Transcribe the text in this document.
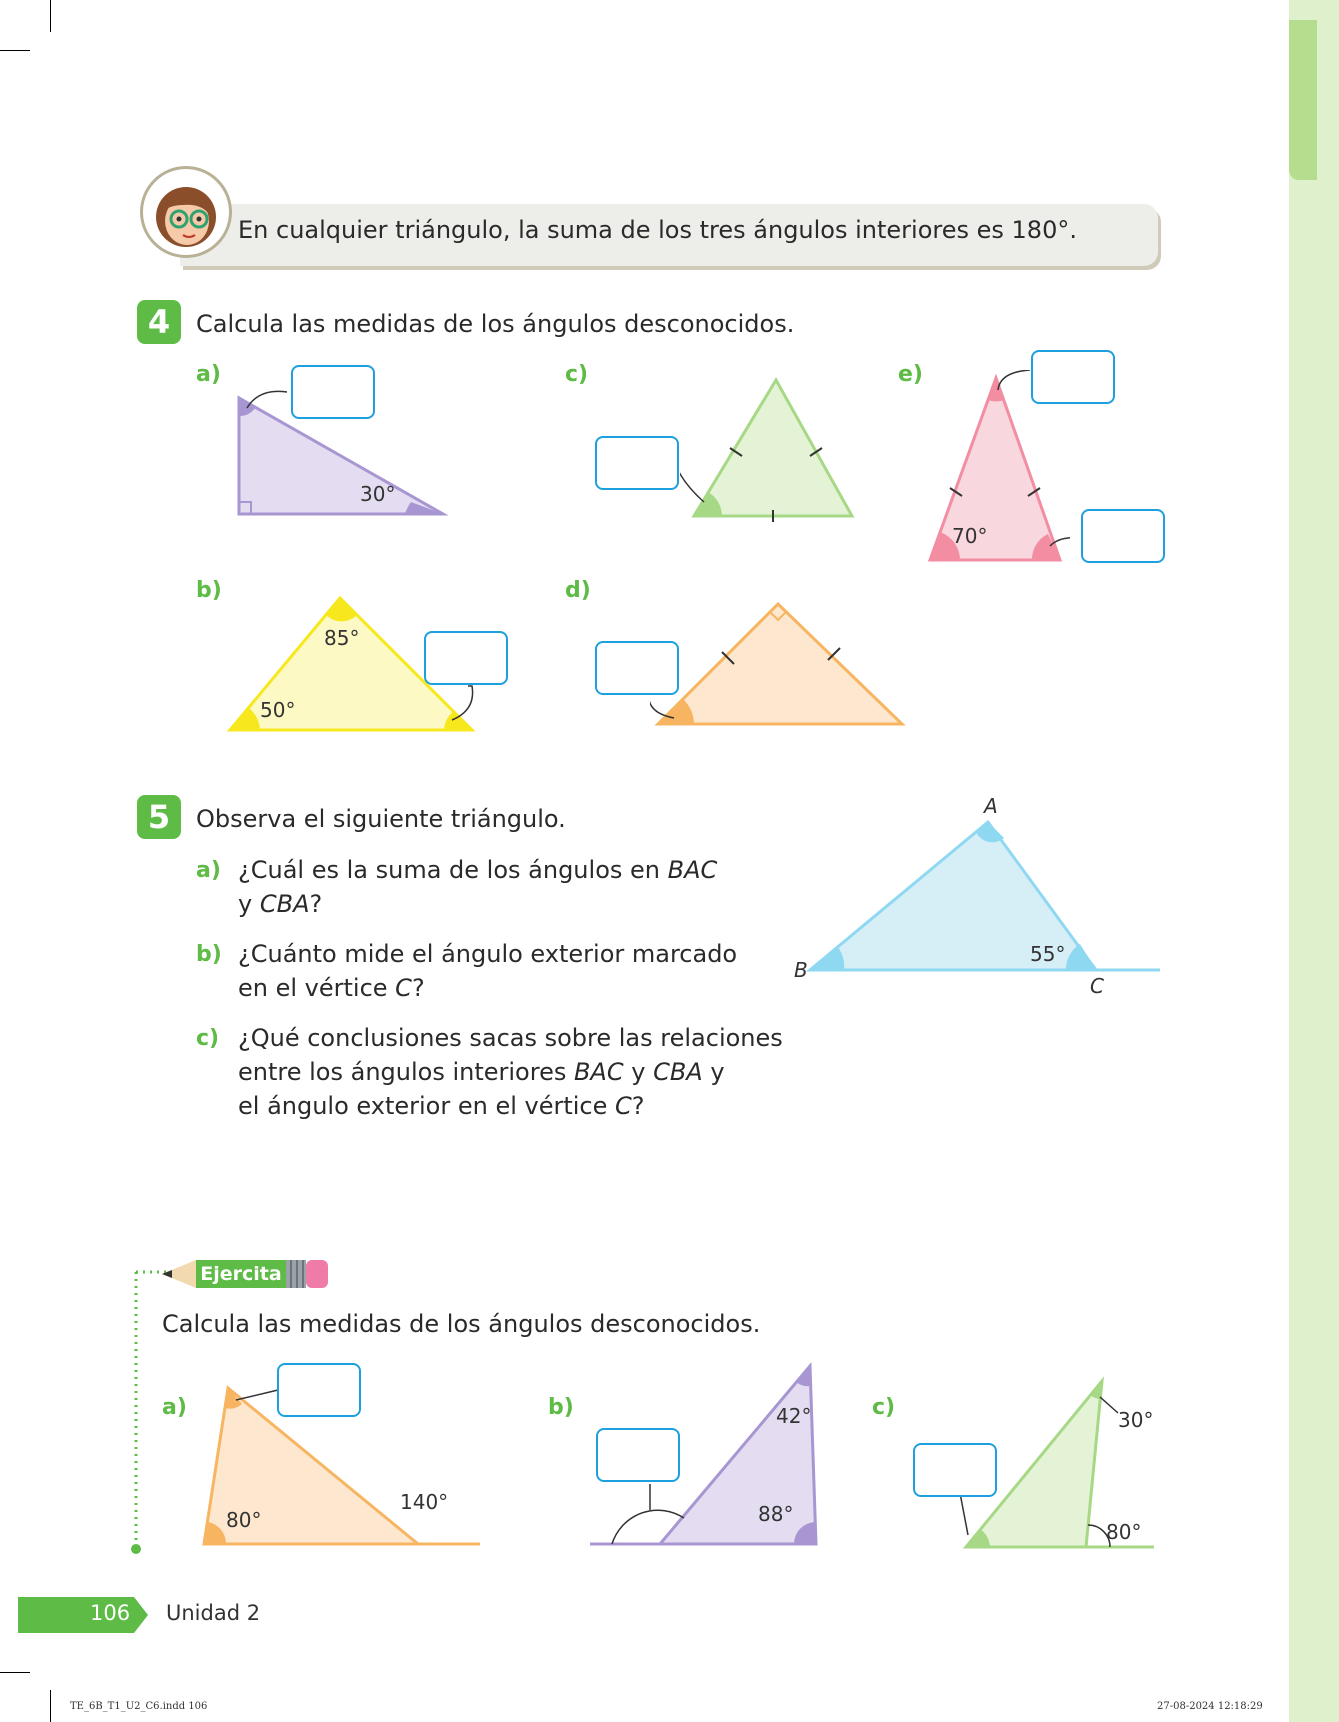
En cualquier triángulo, la suma de los tres ángulos interiores es 180°.
4	Calcula las medidas de los ángulos desconocidos.
a)
30°
b)
85°
50°
c)
d)
e)
70°
5	Observa el siguiente triángulo.
a) ¿Cuál es la suma de los ángulos en BAC
y CBA?
b) ¿Cuánto mide el ángulo exterior marcado
en el vértice C?
c) ¿Qué conclusiones sacas sobre las relaciones
entre los ángulos interiores BAC y CBA y
el ángulo exterior en el vértice C?
A
B
C
55°
Ejercita
Calcula las medidas de los ángulos desconocidos.
a)
80°
140°
b)	42°
88°
c)	30°
80°
106 Unidad 2
TE_6B_T1_U2_C6.indd 106	27-08-2024 12:18:29
